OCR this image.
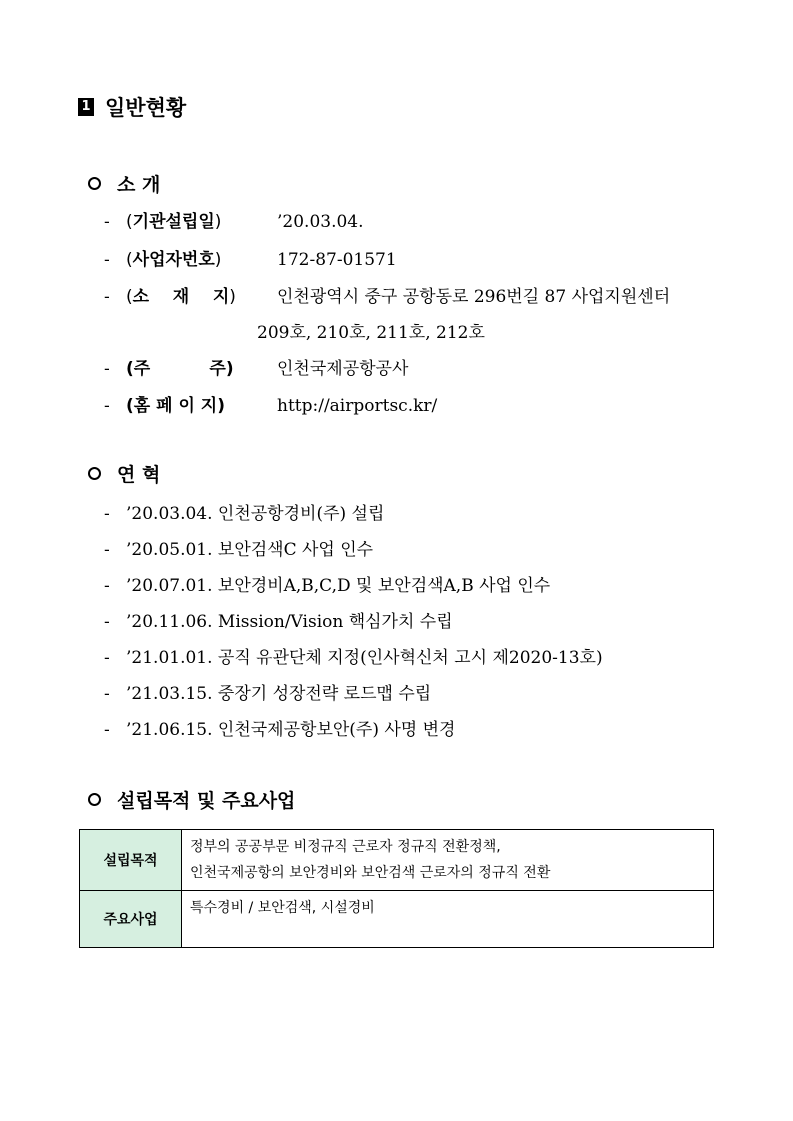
1 일반현황
소 개
- (기관설립일)	’20.03.04.
- (사업자번호)	172-87-01571
- (소    재    지)	인천광역시 중구 공항동로 296번길 87 사업지원센터
209호, 210호, 211호, 212호
- (주          주)	인천국제공항공사
- (홈 페 이 지)	http://airportsc.kr/
연 혁
- ’20.03.04. 인천공항경비(주) 설립
- ’20.05.01. 보안검색C 사업 인수
- ’20.07.01. 보안경비A,B,C,D 및 보안검색A,B 사업 인수
- ’20.11.06. Mission/Vision 핵심가치 수립
- ’21.01.01. 공직 유관단체 지정(인사혁신처 고시 제2020-13호)
- ’21.03.15. 중장기 성장전략 로드맵 수립
- ’21.06.15. 인천국제공항보안(주) 사명 변경
설립목적 및 주요사업
설립목적	정부의 공공부문 비정규직 근로자 정규직 전환정책,
인천국제공항의 보안경비와 보안검색 근로자의 정규직 전환

주요사업	특수경비 / 보안검색, 시설경비
